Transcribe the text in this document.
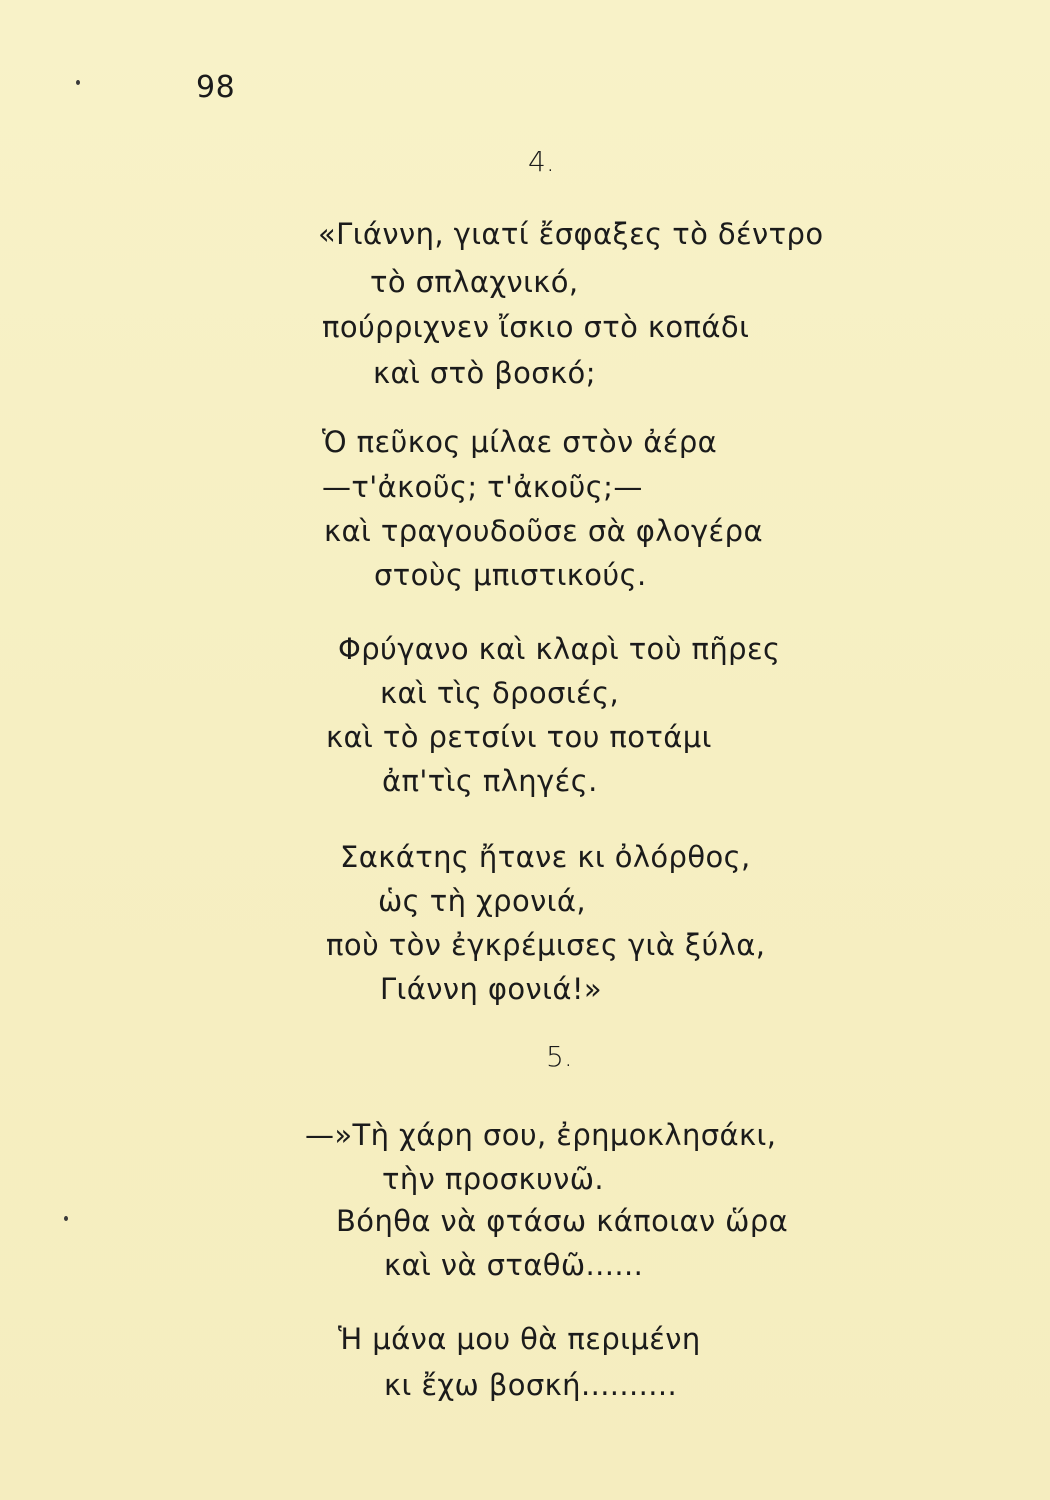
98
4.
«Γιάννη, γιατί ἔσφαξες τὸ δέντρο
τὸ σπλαχνικό,
πούρριχνεν ἴσκιο στὸ κοπάδι
καὶ στὸ βοσκό;
Ὁ πεῦκος μίλαε στὸν ἀέρα
—τ'ἀκοῦς; τ'ἀκοῦς;—
καὶ τραγουδοῦσε σὰ φλογέρα
στοὺς μπιστικούς.
Φρύγανο καὶ κλαρὶ τοὺ πῆρες
καὶ τὶς δροσιές,
καὶ τὸ ρετσίνι του ποτάμι
ἀπ'τὶς πληγές.
Σακάτης ἤτανε κι ὀλόρθος,
ὡς τὴ χρονιά,
ποὺ τὸν ἐγκρέμισες γιὰ ξύλα,
Γιάννη φονιά!»
5.
—»Τὴ χάρη σου, ἐρημοκλησάκι,
τὴν προσκυνῶ.
Βόηθα νὰ φτάσω κάποιαν ὥρα
καὶ νὰ σταθῶ......
Ἡ μάνα μου θὰ περιμένη
κι ἔχω βοσκή..........
